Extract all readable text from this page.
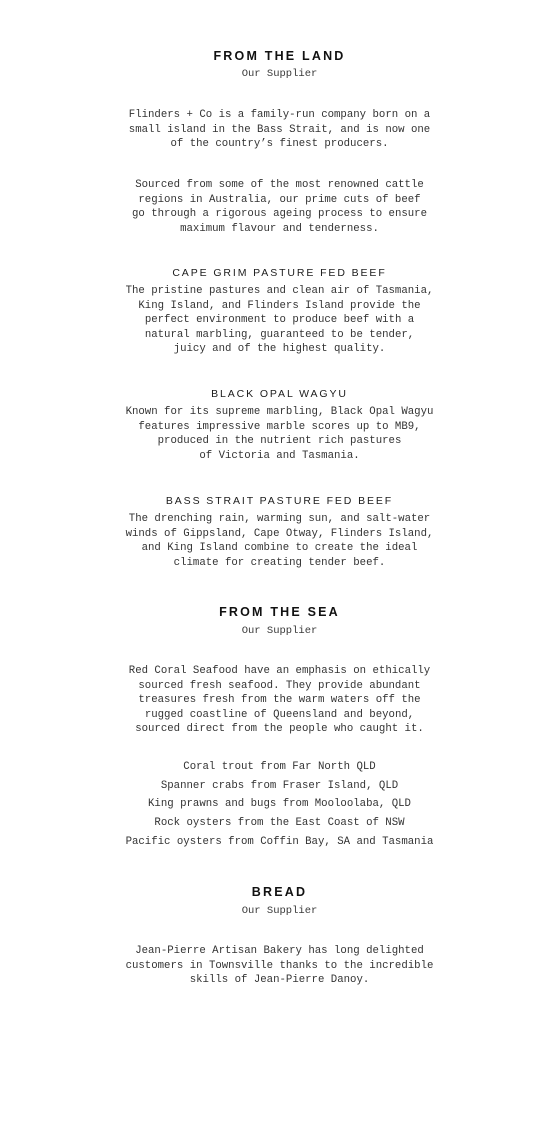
FROM THE LAND
Our Supplier
Flinders + Co is a family-run company born on a
small island in the Bass Strait, and is now one
of the country’s finest producers.
Sourced from some of the most renowned cattle
regions in Australia, our prime cuts of beef
go through a rigorous ageing process to ensure
maximum flavour and tenderness.
CAPE GRIM PASTURE FED BEEF
The pristine pastures and clean air of Tasmania,
King Island, and Flinders Island provide the
perfect environment to produce beef with a
natural marbling, guaranteed to be tender,
juicy and of the highest quality.
BLACK OPAL WAGYU
Known for its supreme marbling, Black Opal Wagyu
features impressive marble scores up to MB9,
produced in the nutrient rich pastures
of Victoria and Tasmania.
BASS STRAIT PASTURE FED BEEF
The drenching rain, warming sun, and salt-water
winds of Gippsland, Cape Otway, Flinders Island,
and King Island combine to create the ideal
climate for creating tender beef.
FROM THE SEA
Our Supplier
Red Coral Seafood have an emphasis on ethically
sourced fresh seafood. They provide abundant
treasures fresh from the warm waters off the
rugged coastline of Queensland and beyond,
sourced direct from the people who caught it.
Coral trout from Far North QLD
Spanner crabs from Fraser Island, QLD
King prawns and bugs from Mooloolaba, QLD
Rock oysters from the East Coast of NSW
Pacific oysters from Coffin Bay, SA and Tasmania
BREAD
Our Supplier
Jean-Pierre Artisan Bakery has long delighted
customers in Townsville thanks to the incredible
skills of Jean-Pierre Danoy.
